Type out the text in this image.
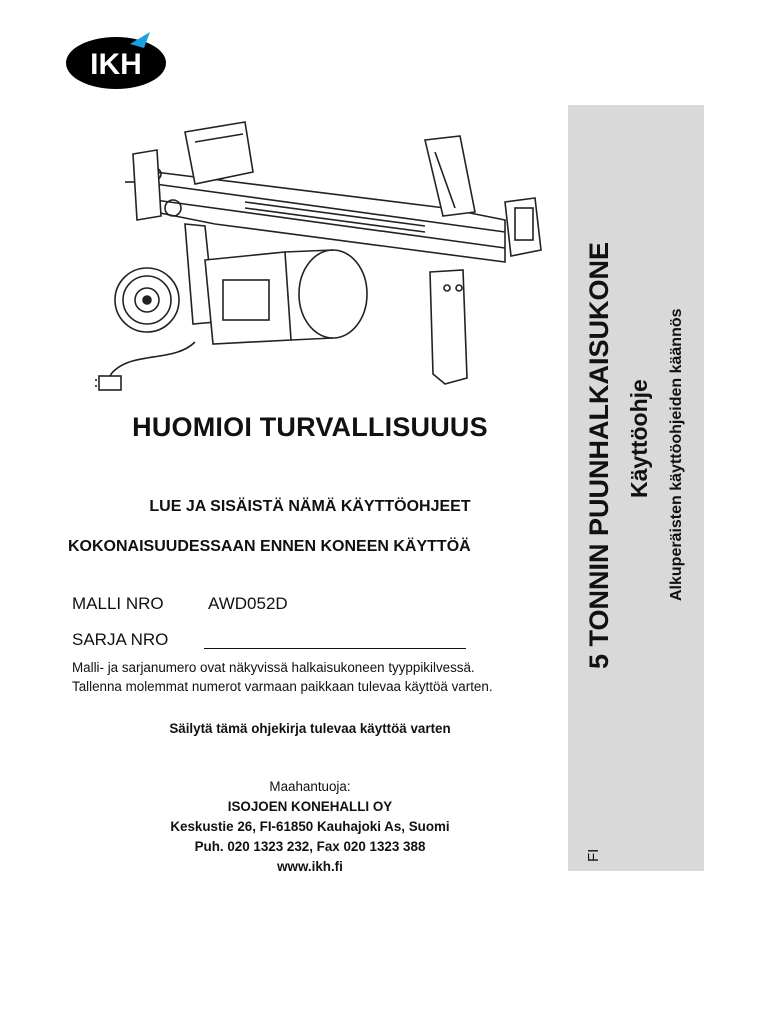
IKH
HUOMIOI TURVALLISUUUS
LUE JA SISÄISTÄ NÄMÄ KÄYTTÖOHJEET
KOKONAISUUDESSAAN ENNEN KONEEN KÄYTTÖÄ
MALLI NRO	AWD052D
SARJA NRO
Malli- ja sarjanumero ovat näkyvissä halkaisukoneen tyyppikilvessä.
Tallenna molemmat numerot varmaan paikkaan tulevaa käyttöä varten.
Säilytä tämä ohjekirja tulevaa käyttöä varten
Maahantuoja:
ISOJOEN KONEHALLI OY
Keskustie 26, FI-61850 Kauhajoki As, Suomi
Puh. 020 1323 232, Fax 020 1323 388
www.ikh.fi
5 TONNIN PUUNHALKAISUKONE Käyttöohje Alkuperäisten käyttöohjeiden käännös
FI
